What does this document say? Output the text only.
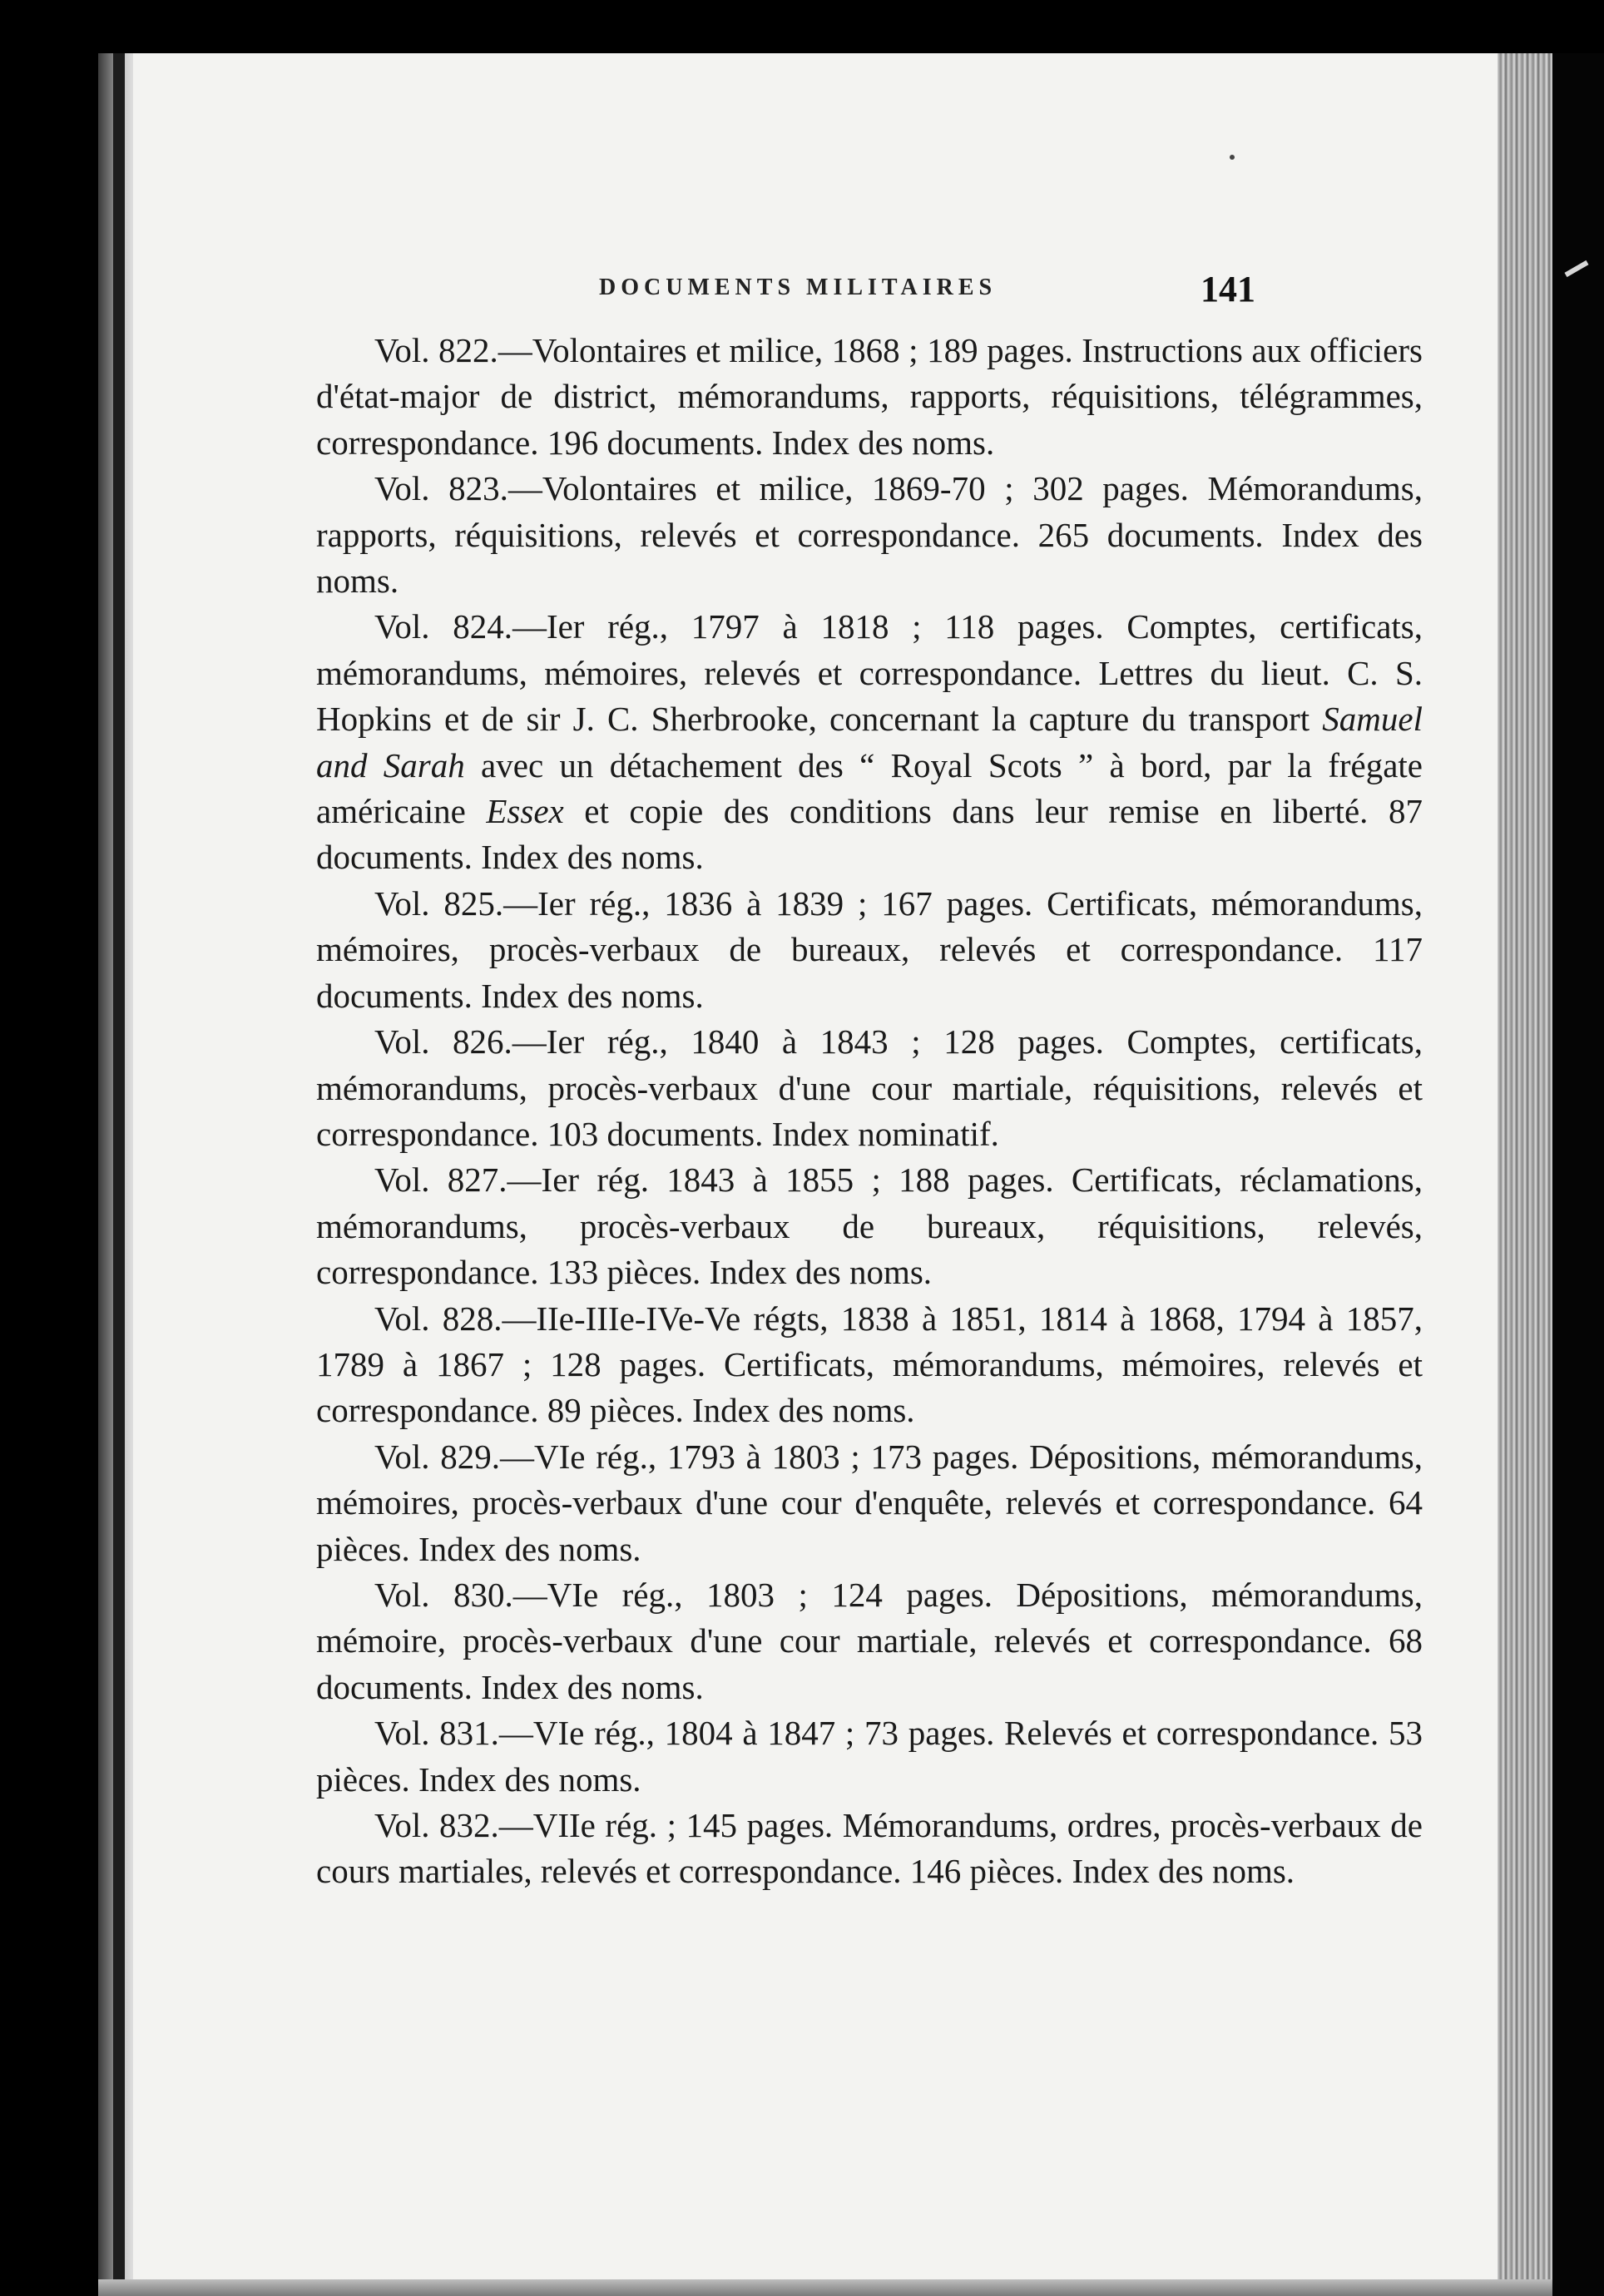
DOCUMENTS MILITAIRES	141

Vol. 822.—Volontaires et milice, 1868 ; 189 pages. Instructions aux officiers d'état-major de district, mémorandums, rapports, réquisitions, télégrammes, correspondance. 196 documents. Index des noms.

Vol. 823.—Volontaires et milice, 1869-70 ; 302 pages. Mémorandums, rapports, réquisitions, relevés et correspondance. 265 documents. Index des noms.

Vol. 824.—Ier rég., 1797 à 1818 ; 118 pages. Comptes, certificats, mémorandums, mémoires, relevés et correspondance. Lettres du lieut. C. S. Hopkins et de sir J. C. Sherbrooke, concernant la capture du transport Samuel and Sarah avec un détachement des “ Royal Scots ” à bord, par la frégate américaine Essex et copie des conditions dans leur remise en liberté. 87 documents. Index des noms.

Vol. 825.—Ier rég., 1836 à 1839 ; 167 pages. Certificats, mémorandums, mémoires, procès-verbaux de bureaux, relevés et correspondance. 117 documents. Index des noms.

Vol. 826.—Ier rég., 1840 à 1843 ; 128 pages. Comptes, certificats, mémorandums, procès-verbaux d'une cour martiale, réquisitions, relevés et correspondance. 103 documents. Index nominatif.

Vol. 827.—Ier rég. 1843 à 1855 ; 188 pages. Certificats, réclamations, mémorandums, procès-verbaux de bureaux, réquisitions, relevés, correspondance. 133 pièces. Index des noms.

Vol. 828.—IIe-IIIe-IVe-Ve régts, 1838 à 1851, 1814 à 1868, 1794 à 1857, 1789 à 1867 ; 128 pages. Certificats, mémorandums, mémoires, relevés et correspondance. 89 pièces. Index des noms.

Vol. 829.—VIe rég., 1793 à 1803 ; 173 pages. Dépositions, mémorandums, mémoires, procès-verbaux d'une cour d'enquête, relevés et correspondance. 64 pièces. Index des noms.

Vol. 830.—VIe rég., 1803 ; 124 pages. Dépositions, mémorandums, mémoire, procès-verbaux d'une cour martiale, relevés et correspondance. 68 documents. Index des noms.

Vol. 831.—VIe rég., 1804 à 1847 ; 73 pages. Relevés et correspondance. 53 pièces. Index des noms.

Vol. 832.—VIIe rég. ; 145 pages. Mémorandums, ordres, procès-verbaux de cours martiales, relevés et correspondance. 146 pièces. Index des noms.
